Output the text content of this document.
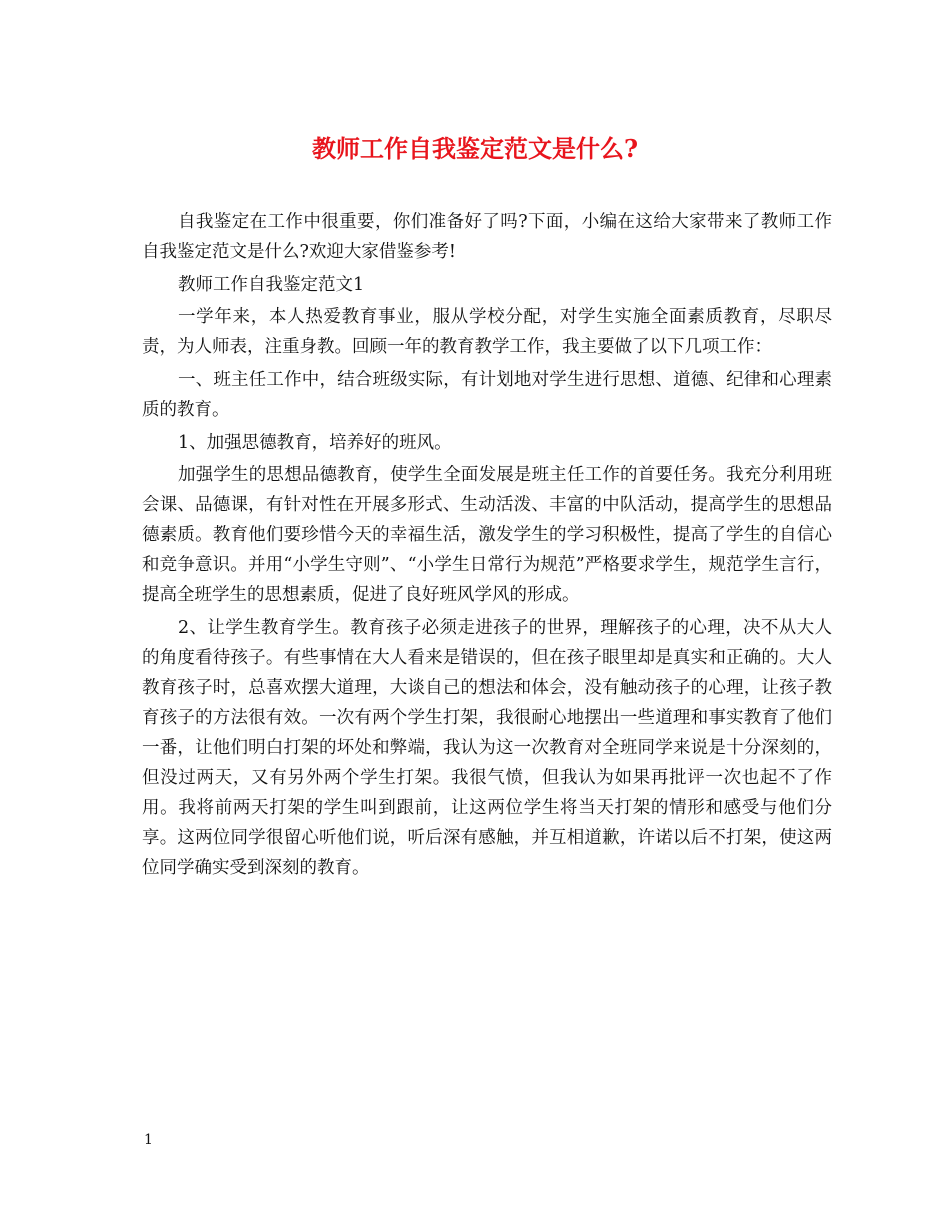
教师工作自我鉴定范文是什么?

自我鉴定在工作中很重要，你们准备好了吗?下面，小编在这给大家带来了教师工作自我鉴定范文是什么?欢迎大家借鉴参考!

教师工作自我鉴定范文1

一学年来，本人热爱教育事业，服从学校分配，对学生实施全面素质教育，尽职尽责，为人师表，注重身教。回顾一年的教育教学工作，我主要做了以下几项工作：

一、班主任工作中，结合班级实际，有计划地对学生进行思想、道德、纪律和心理素质的教育。

1、加强思德教育，培养好的班风。

加强学生的思想品德教育，使学生全面发展是班主任工作的首要任务。我充分利用班会课、品德课，有针对性在开展多形式、生动活泼、丰富的中队活动，提高学生的思想品德素质。教育他们要珍惜今天的幸福生活，激发学生的学习积极性，提高了学生的自信心和竞争意识。并用“小学生守则”、“小学生日常行为规范”严格要求学生，规范学生言行，提高全班学生的思想素质，促进了良好班风学风的形成。

2、让学生教育学生。教育孩子必须走进孩子的世界，理解孩子的心理，决不从大人的角度看待孩子。有些事情在大人看来是错误的，但在孩子眼里却是真实和正确的。大人教育孩子时，总喜欢摆大道理，大谈自己的想法和体会，没有触动孩子的心理，让孩子教育孩子的方法很有效。一次有两个学生打架，我很耐心地摆出一些道理和事实教育了他们一番，让他们明白打架的坏处和弊端，我认为这一次教育对全班同学来说是十分深刻的，但没过两天，又有另外两个学生打架。我很气愤，但我认为如果再批评一次也起不了作用。我将前两天打架的学生叫到跟前，让这两位学生将当天打架的情形和感受与他们分享。这两位同学很留心听他们说，听后深有感触，并互相道歉，许诺以后不打架，使这两位同学确实受到深刻的教育。

1
